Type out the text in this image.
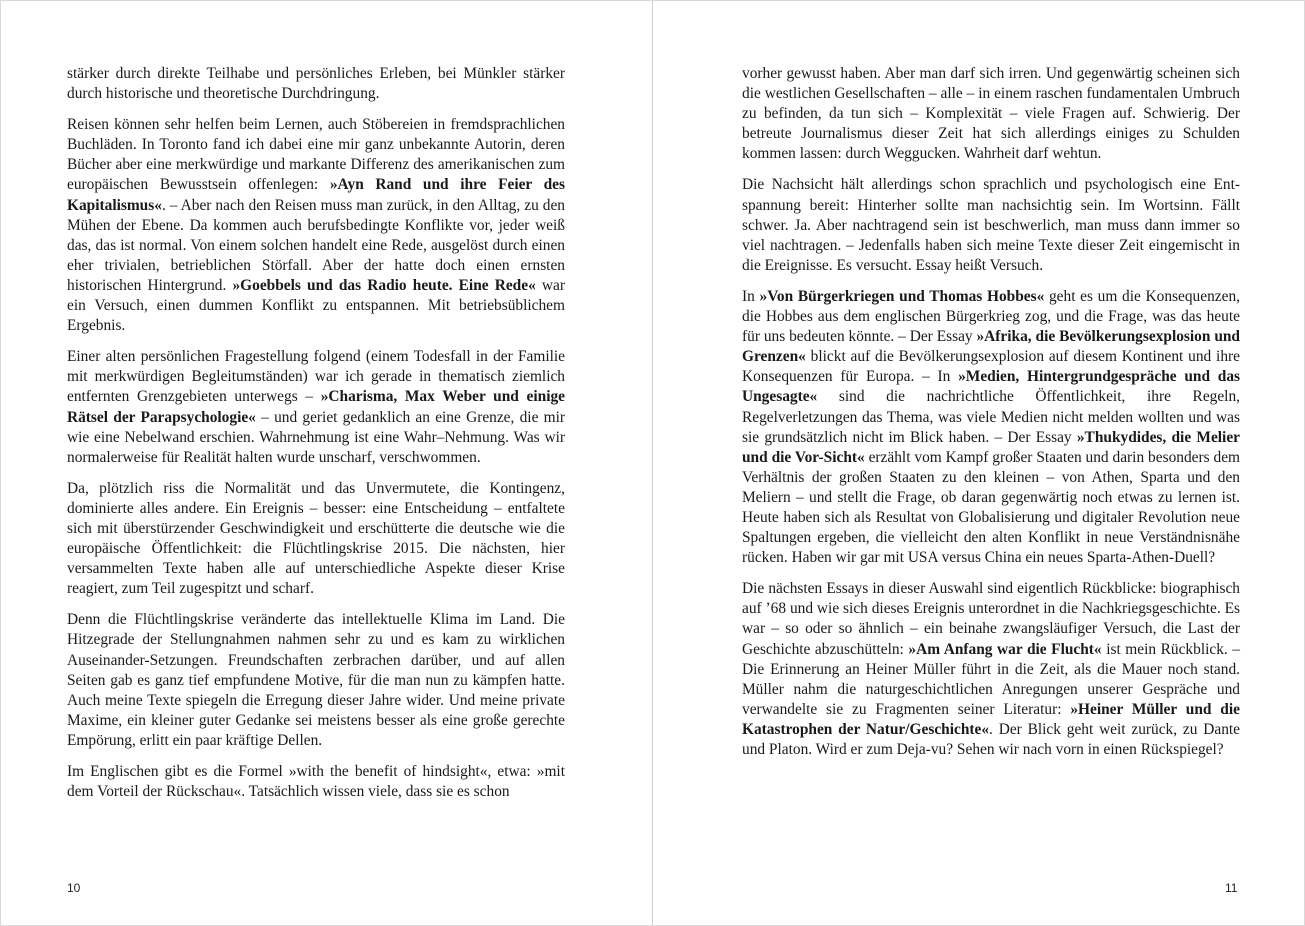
stärker durch direkte Teilhabe und persönliches Erleben, bei Münkler stärker durch historische und theoretische Durchdringung.

Reisen können sehr helfen beim Lernen, auch Stöbereien in fremdsprachlichen Buchläden. In Toronto fand ich dabei eine mir ganz unbekannte Autorin, deren Bücher aber eine merkwürdige und markante Differenz des amerikanischen zum europäischen Bewusstsein offenlegen: »Ayn Rand und ihre Feier des Kapitalismus«. – Aber nach den Reisen muss man zurück, in den Alltag, zu den Mühen der Ebene. Da kommen auch berufsbedingte Konflikte vor, jeder weiß das, das ist normal. Von einem solchen handelt eine Rede, ausgelöst durch einen eher trivialen, betrieblichen Störfall. Aber der hatte doch einen ernsten historischen Hintergrund. »Goebbels und das Radio heute. Eine Rede« war ein Versuch, einen dummen Konflikt zu entspannen. Mit betriebsüblichem Ergebnis.

Einer alten persönlichen Fragestellung folgend (einem Todesfall in der Familie mit merkwürdigen Begleitumständen) war ich gerade in thematisch ziemlich entfernten Grenzgebieten unterwegs – »Charisma, Max Weber und einige Rätsel der Parapsychologie« – und geriet gedanklich an eine Grenze, die mir wie eine Nebelwand erschien. Wahrnehmung ist eine Wahr–Nehmung. Was wir normalerweise für Realität halten wurde unscharf, verschwommen.

Da, plötzlich riss die Normalität und das Unvermutete, die Kontingenz, dominierte alles andere. Ein Ereignis – besser: eine Entscheidung – entfaltete sich mit überstürzender Geschwindigkeit und erschütterte die deutsche wie die europäische Öffentlichkeit: die Flüchtlingskrise 2015. Die nächsten, hier versammelten Texte haben alle auf unterschiedliche Aspekte dieser Krise reagiert, zum Teil zugespitzt und scharf.

Denn die Flüchtlingskrise veränderte das intellektuelle Klima im Land. Die Hitzegrade der Stellungnahmen nahmen sehr zu und es kam zu wirklichen Auseinander-Setzungen. Freundschaften zerbrachen darüber, und auf allen Seiten gab es ganz tief empfundene Motive, für die man nun zu kämpfen hatte. Auch meine Texte spiegeln die Erregung dieser Jahre wider. Und meine private Maxime, ein kleiner guter Gedanke sei meistens besser als eine große gerechte Empörung, erlitt ein paar kräftige Dellen.

Im Englischen gibt es die Formel »with the benefit of hindsight«, etwa: »mit dem Vorteil der Rückschau«. Tatsächlich wissen viele, dass sie es schon

10

vorher gewusst haben. Aber man darf sich irren. Und gegenwärtig scheinen sich die westlichen Gesellschaften – alle – in einem raschen fundamentalen Umbruch zu befinden, da tun sich – Komplexität – viele Fragen auf. Schwierig. Der betreute Journalismus dieser Zeit hat sich allerdings einiges zu Schulden kommen lassen: durch Weggucken. Wahrheit darf wehtun.

Die Nachsicht hält allerdings schon sprachlich und psychologisch eine Entspannung bereit: Hinterher sollte man nachsichtig sein. Im Wortsinn. Fällt schwer. Ja. Aber nachtragend sein ist beschwerlich, man muss dann immer so viel nachtragen. – Jedenfalls haben sich meine Texte dieser Zeit eingemischt in die Ereignisse. Es versucht. Essay heißt Versuch.

In »Von Bürgerkriegen und Thomas Hobbes« geht es um die Konsequenzen, die Hobbes aus dem englischen Bürgerkrieg zog, und die Frage, was das heute für uns bedeuten könnte. – Der Essay »Afrika, die Bevölkerungsexplosion und Grenzen« blickt auf die Bevölkerungsexplosion auf diesem Kontinent und ihre Konsequenzen für Europa. – In »Medien, Hintergrundgespräche und das Ungesagte« sind die nachrichtliche Öffentlichkeit, ihre Regeln, Regelverletzungen das Thema, was viele Medien nicht melden wollten und was sie grundsätzlich nicht im Blick haben. – Der Essay »Thukydides, die Melier und die Vor-Sicht« erzählt vom Kampf großer Staaten und darin besonders dem Verhältnis der großen Staaten zu den kleinen – von Athen, Sparta und den Meliern – und stellt die Frage, ob daran gegenwärtig noch etwas zu lernen ist. Heute haben sich als Resultat von Globalisierung und digitaler Revolution neue Spaltungen ergeben, die vielleicht den alten Konflikt in neue Verständnisnähe rücken. Haben wir gar mit USA versus China ein neues Sparta-Athen-Duell?

Die nächsten Essays in dieser Auswahl sind eigentlich Rückblicke: biographisch auf ’68 und wie sich dieses Ereignis unterordnet in die Nachkriegsgeschichte. Es war – so oder so ähnlich – ein beinahe zwangsläufiger Versuch, die Last der Geschichte abzuschütteln: »Am Anfang war die Flucht« ist mein Rückblick. – Die Erinnerung an Heiner Müller führt in die Zeit, als die Mauer noch stand. Müller nahm die naturgeschichtlichen Anregungen unserer Gespräche und verwandelte sie zu Fragmenten seiner Literatur: »Heiner Müller und die Katastrophen der Natur/Geschichte«. Der Blick geht weit zurück, zu Dante und Platon. Wird er zum Deja-vu? Sehen wir nach vorn in einen Rückspiegel?

11
